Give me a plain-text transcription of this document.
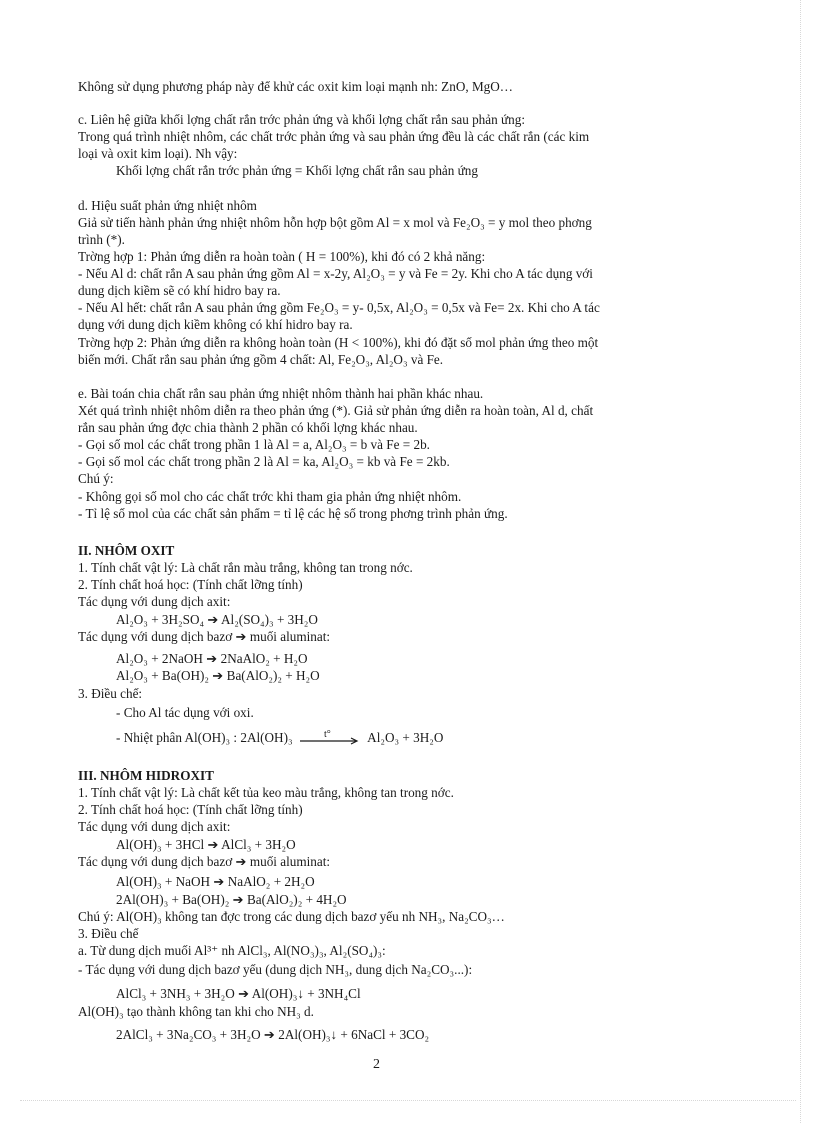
Không sử dụng phương pháp này để khử các oxit kim loại mạnh nh: ZnO, MgO…
c. Liên hệ giữa khối lợng chất rắn trớc phản ứng và khối lợng chất rắn sau phản ứng:
Trong quá trình nhiệt nhôm, các chất trớc phản ứng và sau phản ứng đều là các chất rắn (các kim
loại và oxit kim loại). Nh vậy:
Khối lợng chất rắn trớc phản ứng = Khối lợng chất rắn sau phản ứng
d. Hiệu suất phản ứng nhiệt nhôm
Giả sử tiến hành phản ứng nhiệt nhôm hỗn hợp bột gồm Al = x mol và Fe₂O₃ = y mol theo phơng
trình (*).
Trờng hợp 1: Phản ứng diễn ra hoàn toàn ( H = 100%), khi đó có 2 khả năng:
- Nếu Al d: chất rắn A sau phản ứng gồm Al = x-2y, Al₂O₃ = y và Fe = 2y. Khi cho A tác dụng với
dung dịch kiềm sẽ có khí hidro bay ra.
- Nếu Al hết: chất rắn A sau phản ứng gồm Fe₂O₃ = y- 0,5x, Al₂O₃ = 0,5x và Fe= 2x. Khi cho A tác
dụng với dung dịch kiềm không có khí hidro bay ra.
Trờng hợp 2: Phản ứng diễn ra không hoàn toàn (H < 100%), khi đó đặt số mol phản ứng theo một
biến mới. Chất rắn sau phản ứng gồm 4 chất: Al, Fe₂O₃, Al₂O₃ và Fe.
e. Bài toán chia chất rắn sau phản ứng nhiệt nhôm thành hai phần khác nhau.
Xét quá trình nhiệt nhôm diễn ra theo phản ứng (*). Giả sử phản ứng diễn ra hoàn toàn, Al d, chất
rắn sau phản ứng đợc chia thành 2 phần có khối lợng khác nhau.
- Gọi số mol các chất trong phần 1 là Al = a, Al₂O₃ = b và Fe = 2b.
- Gọi số mol các chất trong phần 2 là Al = ka, Al₂O₃ = kb và Fe = 2kb.
Chú ý:
- Không gọi số mol cho các chất trớc khi tham gia phản ứng nhiệt nhôm.
- Tỉ lệ số mol của các chất sản phẩm = tỉ lệ các hệ số trong phơng trình phản ứng.
II. NHÔM OXIT
1. Tính chất vật lý: Là chất rắn màu trắng, không tan trong nớc.
2. Tính chất hoá học: (Tính chất lỡng tính)
Tác dụng với dung dịch axit:
Al₂O₃ + 3H₂SO₄ ➔ Al₂(SO₄)₃ + 3H₂O
Tác dụng với dung dịch bazơ ➔ muối aluminat:
Al₂O₃ + 2NaOH ➔ 2NaAlO₂ + H₂O
Al₂O₃ + Ba(OH)₂ ➔ Ba(AlO₂)₂ + H₂O
3. Điều chế:
- Cho Al tác dụng với oxi.
- Nhiệt phân Al(OH)₃ : 2Al(OH)₃	t°	Al₂O₃ + 3H₂O
III. NHÔM HIDROXIT
1. Tính chất vật lý: Là chất kết tủa keo màu trắng, không tan trong nớc.
2. Tính chất hoá học: (Tính chất lỡng tính)
Tác dụng với dung dịch axit:
Al(OH)₃ + 3HCl ➔ AlCl₃ + 3H₂O
Tác dụng với dung dịch bazơ ➔ muối aluminat:
Al(OH)₃ + NaOH ➔ NaAlO₂ + 2H₂O
2Al(OH)₃ + Ba(OH)₂ ➔ Ba(AlO₂)₂ + 4H₂O
Chú ý: Al(OH)₃ không tan đợc trong các dung dịch bazơ yếu nh NH₃, Na₂CO₃…
3. Điều chế
a. Từ dung dịch muối Al³⁺ nh AlCl₃, Al(NO₃)₃, Al₂(SO₄)₃:
- Tác dụng với dung dịch bazơ yếu (dung dịch NH₃, dung dịch Na₂CO₃...):
AlCl₃ + 3NH₃ + 3H₂O ➔ Al(OH)₃↓ + 3NH₄Cl
Al(OH)₃ tạo thành không tan khi cho NH₃ d.
2AlCl₃ + 3Na₂CO₃ + 3H₂O ➔ 2Al(OH)₃↓ + 6NaCl + 3CO₂
2
